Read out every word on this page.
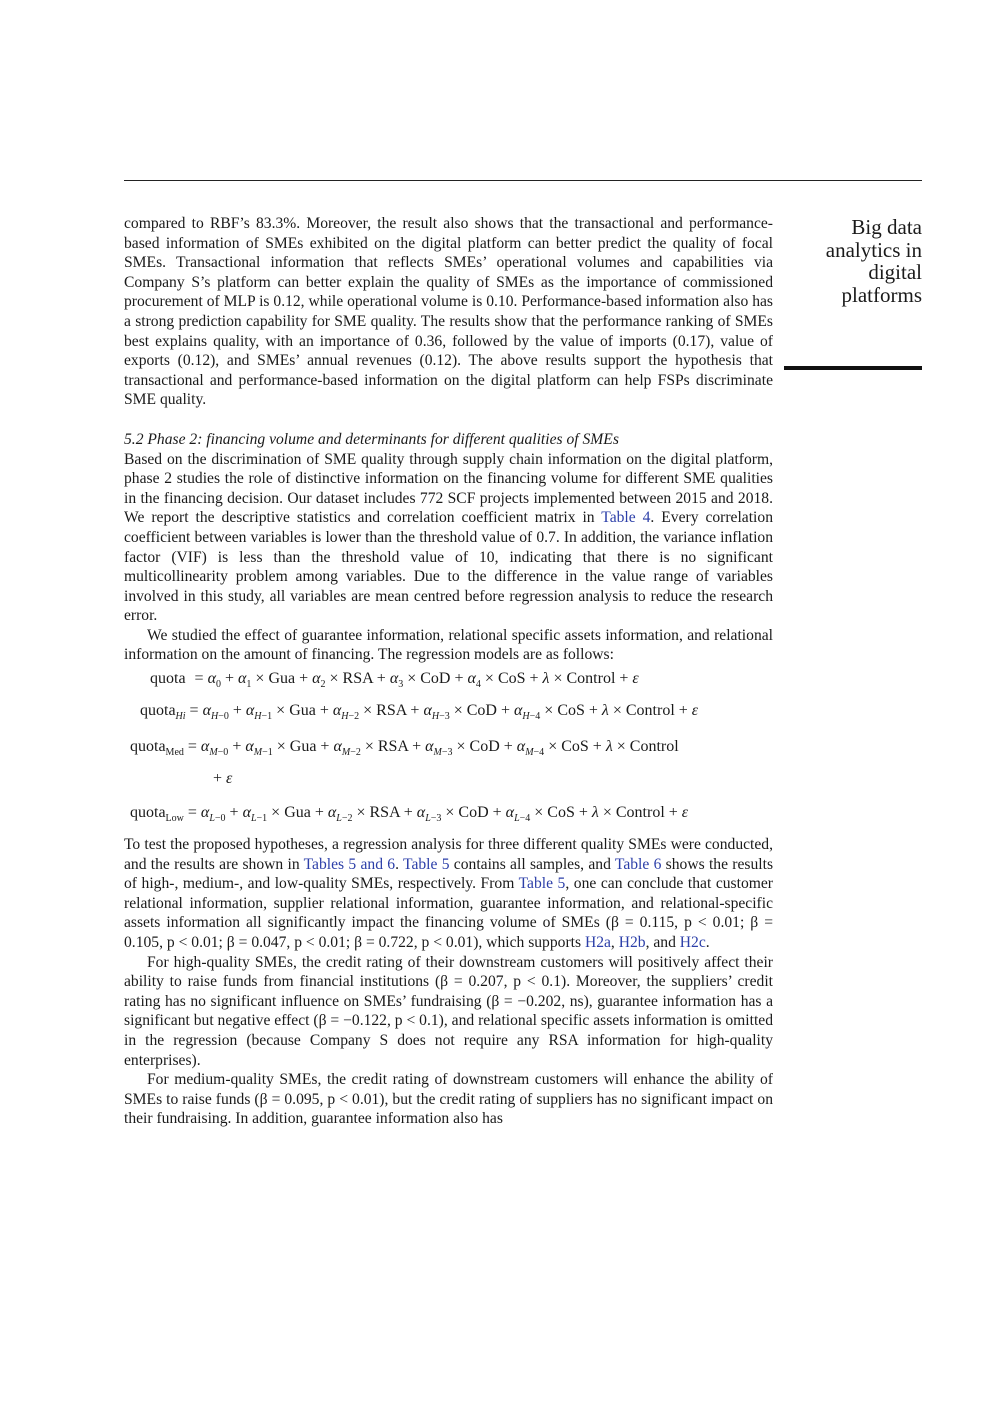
Big data
analytics in
digital
platforms

compared to RBF’s 83.3%. Moreover, the result also shows that the transactional and performance-based information of SMEs exhibited on the digital platform can better predict the quality of focal SMEs. Transactional information that reflects SMEs’ operational volumes and capabilities via Company S’s platform can better explain the quality of SMEs as the importance of commissioned procurement of MLP is 0.12, while operational volume is 0.10. Performance-based information also has a strong prediction capability for SME quality. The results show that the performance ranking of SMEs best explains quality, with an importance of 0.36, followed by the value of imports (0.17), value of exports (0.12), and SMEs’ annual revenues (0.12). The above results support the hypothesis that transactional and performance-based information on the digital platform can help FSPs discriminate SME quality.

5.2 Phase 2: financing volume and determinants for different qualities of SMEs

Based on the discrimination of SME quality through supply chain information on the digital platform, phase 2 studies the role of distinctive information on the financing volume for different SME qualities in the financing decision. Our dataset includes 772 SCF projects implemented between 2015 and 2018. We report the descriptive statistics and correlation coefficient matrix in Table 4. Every correlation coefficient between variables is lower than the threshold value of 0.7. In addition, the variance inflation factor (VIF) is less than the threshold value of 10, indicating that there is no significant multicollinearity problem among variables. Due to the difference in the value range of variables involved in this study, all variables are mean centred before regression analysis to reduce the research error.

We studied the effect of guarantee information, relational specific assets information, and relational information on the amount of financing. The regression models are as follows:

quota = $\alpha_0 + \alpha_1$ × Gua + $\alpha_2$ × RSA + $\alpha_3$ × CoD + $\alpha_4$ × CoS + λ × Control + ε
quota$_{Hi}$ = $\alpha_{H-0} + \alpha_{H-1}$ × Gua + $\alpha_{H-2}$ × RSA + $\alpha_{H-3}$ × CoD + $\alpha_{H-4}$ × CoS + λ × Control + ε
quota$_{Med}$ = $\alpha_{M-0} + \alpha_{M-1}$ × Gua + $\alpha_{M-2}$ × RSA + $\alpha_{M-3}$ × CoD + $\alpha_{M-4}$ × CoS + λ × Control
+ ε
quota$_{Low}$ = $\alpha_{L-0} + \alpha_{L-1}$ × Gua + $\alpha_{L-2}$ × RSA + $\alpha_{L-3}$ × CoD + $\alpha_{L-4}$ × CoS + λ × Control + ε

To test the proposed hypotheses, a regression analysis for three different quality SMEs were conducted, and the results are shown in Tables 5 and 6. Table 5 contains all samples, and Table 6 shows the results of high-, medium-, and low-quality SMEs, respectively. From Table 5, one can conclude that customer relational information, supplier relational information, guarantee information, and relational-specific assets information all significantly impact the financing volume of SMEs (β = 0.115, p < 0.01; β = 0.105, p < 0.01; β = 0.047, p < 0.01; β = 0.722, p < 0.01), which supports H2a, H2b, and H2c.

For high-quality SMEs, the credit rating of their downstream customers will positively affect their ability to raise funds from financial institutions (β = 0.207, p < 0.1). Moreover, the suppliers’ credit rating has no significant influence on SMEs’ fundraising (β = −0.202, ns), guarantee information has a significant but negative effect (β = −0.122, p < 0.1), and relational specific assets information is omitted in the regression (because Company S does not require any RSA information for high-quality enterprises).

For medium-quality SMEs, the credit rating of downstream customers will enhance the ability of SMEs to raise funds (β = 0.095, p < 0.01), but the credit rating of suppliers has no significant impact on their fundraising. In addition, guarantee information also has
